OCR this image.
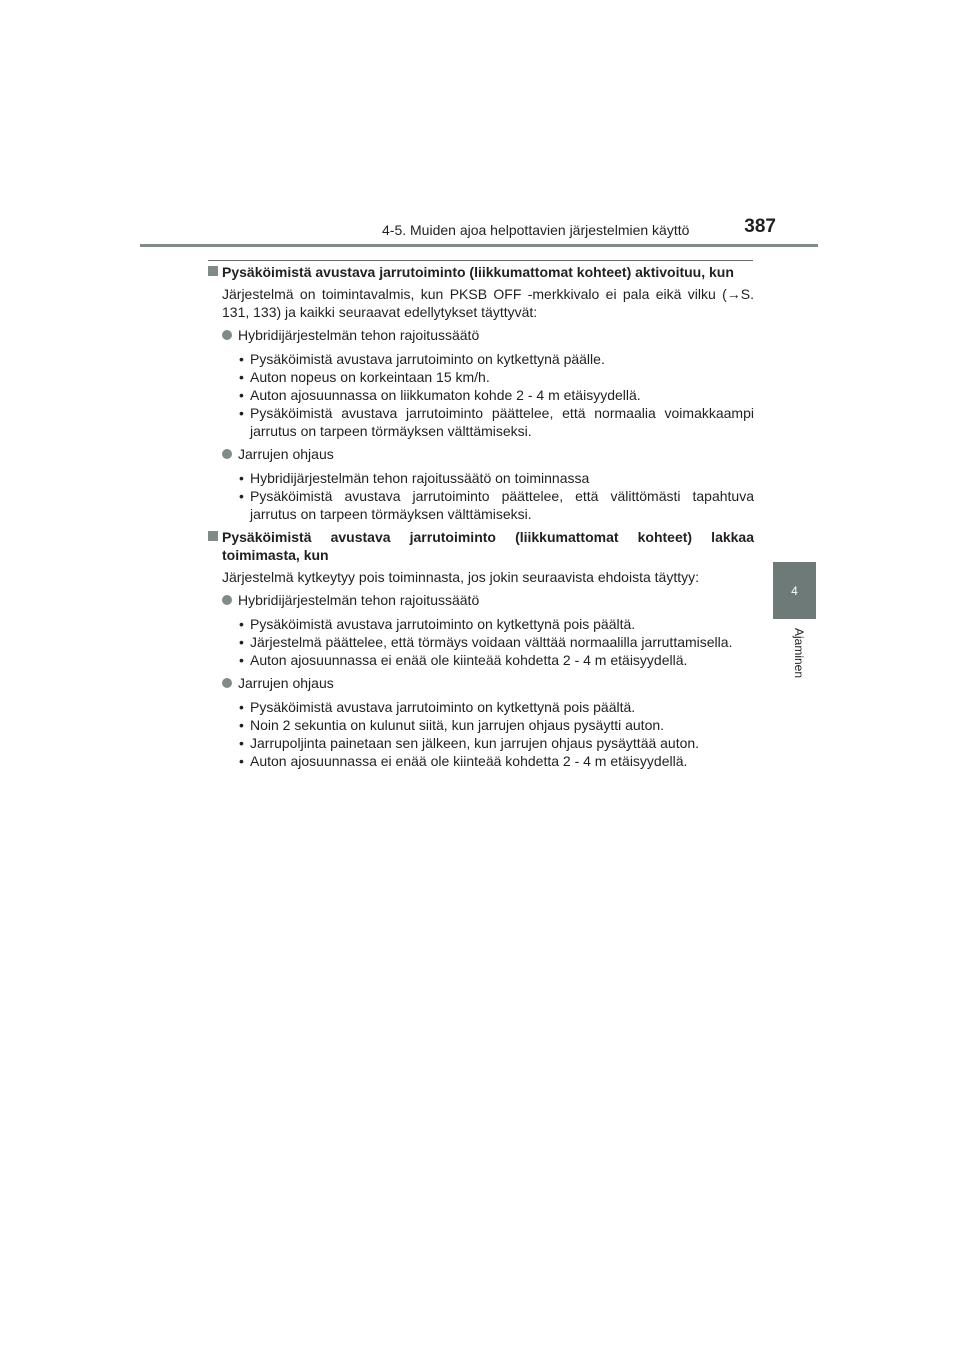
4-5. Muiden ajoa helpottavien järjestelmien käyttö	387
4
Ajaminen
Pysäköimistä avustava jarrutoiminto (liikkumattomat kohteet) aktivoituu, kun

Järjestelmä on toimintavalmis, kun PKSB OFF -merkkivalo ei pala eikä vilku (→S. 131, 133) ja kaikki seuraavat edellytykset täyttyvät:

Hybridijärjestelmän tehon rajoitussäätö
• Pysäköimistä avustava jarrutoiminto on kytkettynä päälle.
• Auton nopeus on korkeintaan 15 km/h.
• Auton ajosuunnassa on liikkumaton kohde 2 - 4 m etäisyydellä.
• Pysäköimistä avustava jarrutoiminto päättelee, että normaalia voimakkaampi jarrutus on tarpeen törmäyksen välttämiseksi.
Jarrujen ohjaus
• Hybridijärjestelmän tehon rajoitussäätö on toiminnassa
• Pysäköimistä avustava jarrutoiminto päättelee, että välittömästi tapahtuva jarrutus on tarpeen törmäyksen välttämiseksi.
Pysäköimistä avustava jarrutoiminto (liikkumattomat kohteet) lakkaa toimimasta, kun

Järjestelmä kytkeytyy pois toiminnasta, jos jokin seuraavista ehdoista täyttyy:

Hybridijärjestelmän tehon rajoitussäätö
• Pysäköimistä avustava jarrutoiminto on kytkettynä pois päältä.
• Järjestelmä päättelee, että törmäys voidaan välttää normaalilla jarruttamisella.
• Auton ajosuunnassa ei enää ole kiinteää kohdetta 2 - 4 m etäisyydellä.
Jarrujen ohjaus
• Pysäköimistä avustava jarrutoiminto on kytkettynä pois päältä.
• Noin 2 sekuntia on kulunut siitä, kun jarrujen ohjaus pysäytti auton.
• Jarrupoljinta painetaan sen jälkeen, kun jarrujen ohjaus pysäyttää auton.
• Auton ajosuunnassa ei enää ole kiinteää kohdetta 2 - 4 m etäisyydellä.
